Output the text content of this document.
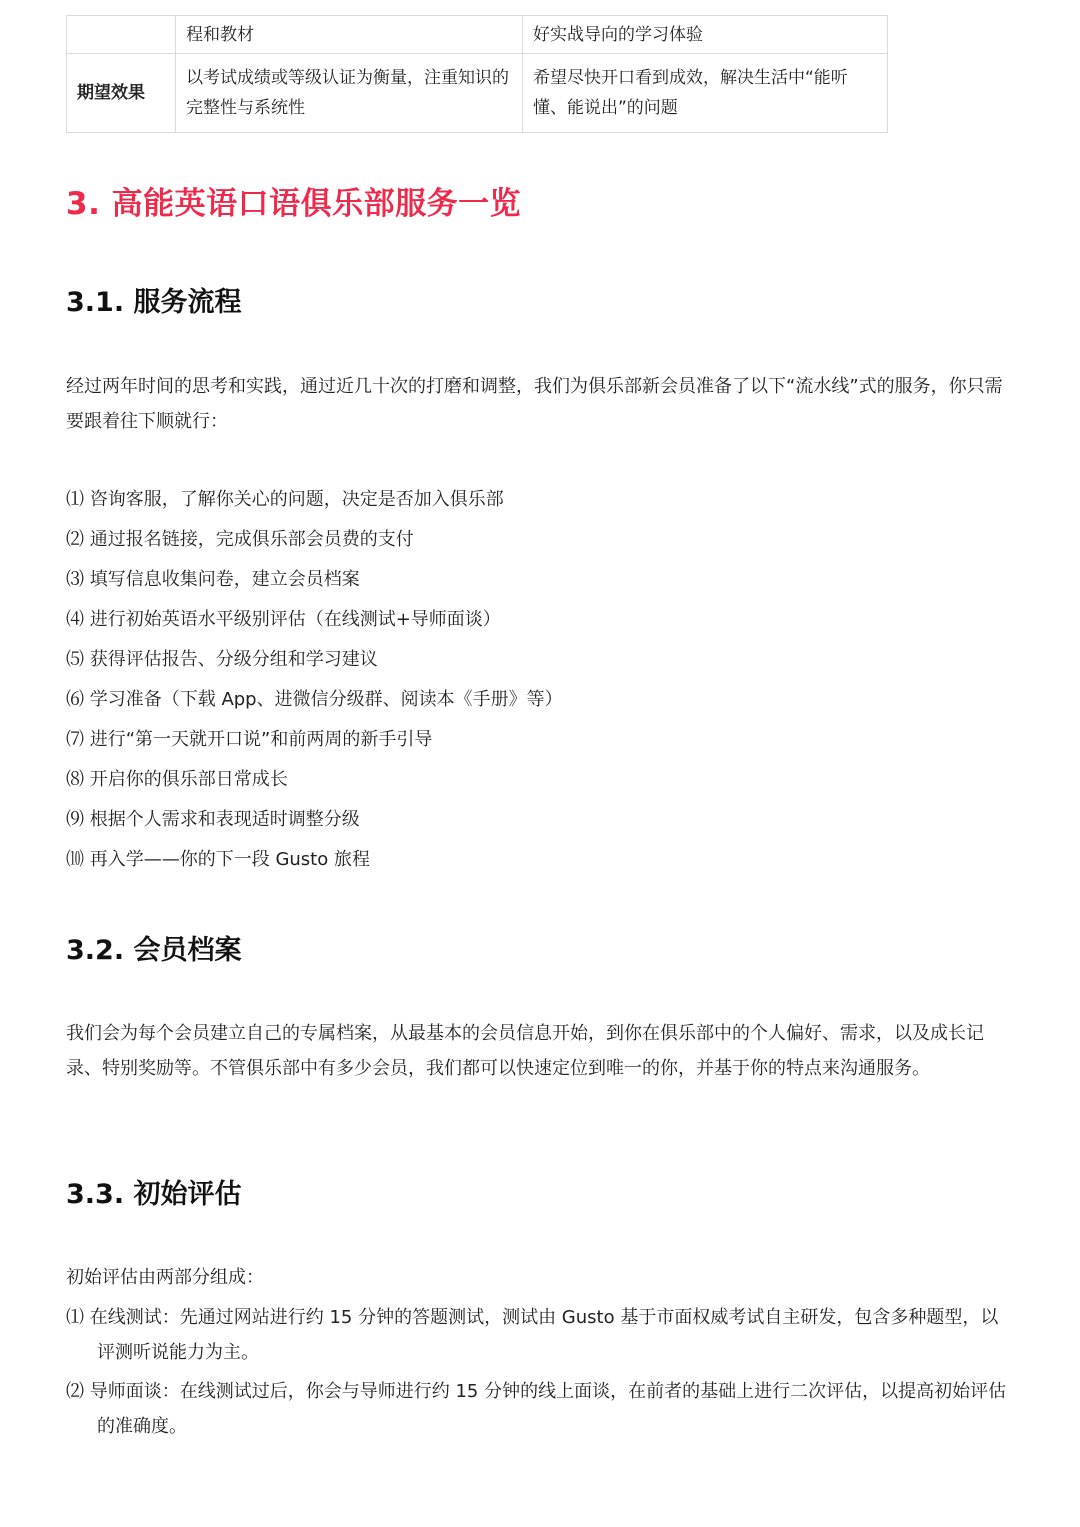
	程和教材	好实战导向的学习体验
期望效果	以考试成绩或等级认证为衡量，注重知识的完整性与系统性	希望尽快开口看到成效，解决生活中“能听懂、能说出”的问题
3. 高能英语口语俱乐部服务一览
3.1. 服务流程

经过两年时间的思考和实践，通过近几十次的打磨和调整，我们为俱乐部新会员准备了以下“流水线”式的服务，你只需要跟着往下顺就行：

⑴ 咨询客服，了解你关心的问题，决定是否加入俱乐部
⑵ 通过报名链接，完成俱乐部会员费的支付
⑶ 填写信息收集问卷，建立会员档案
⑷ 进行初始英语水平级别评估（在线测试+导师面谈）
⑸ 获得评估报告、分级分组和学习建议
⑹ 学习准备（下载 App、进微信分级群、阅读本《手册》等）
⑺ 进行“第一天就开口说”和前两周的新手引导
⑻ 开启你的俱乐部日常成长
⑼ 根据个人需求和表现适时调整分级
⑽ 再入学——你的下一段 Gusto 旅程
3.2. 会员档案

我们会为每个会员建立自己的专属档案，从最基本的会员信息开始，到你在俱乐部中的个人偏好、需求，以及成长记录、特别奖励等。不管俱乐部中有多少会员，我们都可以快速定位到唯一的你，并基于你的特点来沟通服务。

3.3. 初始评估

初始评估由两部分组成：

⑴ 在线测试：先通过网站进行约 15 分钟的答题测试，测试由 Gusto 基于市面权威考试自主研发，包含多种题型，以评测听说能力为主。
⑵ 导师面谈：在线测试过后，你会与导师进行约 15 分钟的线上面谈，在前者的基础上进行二次评估，以提高初始评估的准确度。
